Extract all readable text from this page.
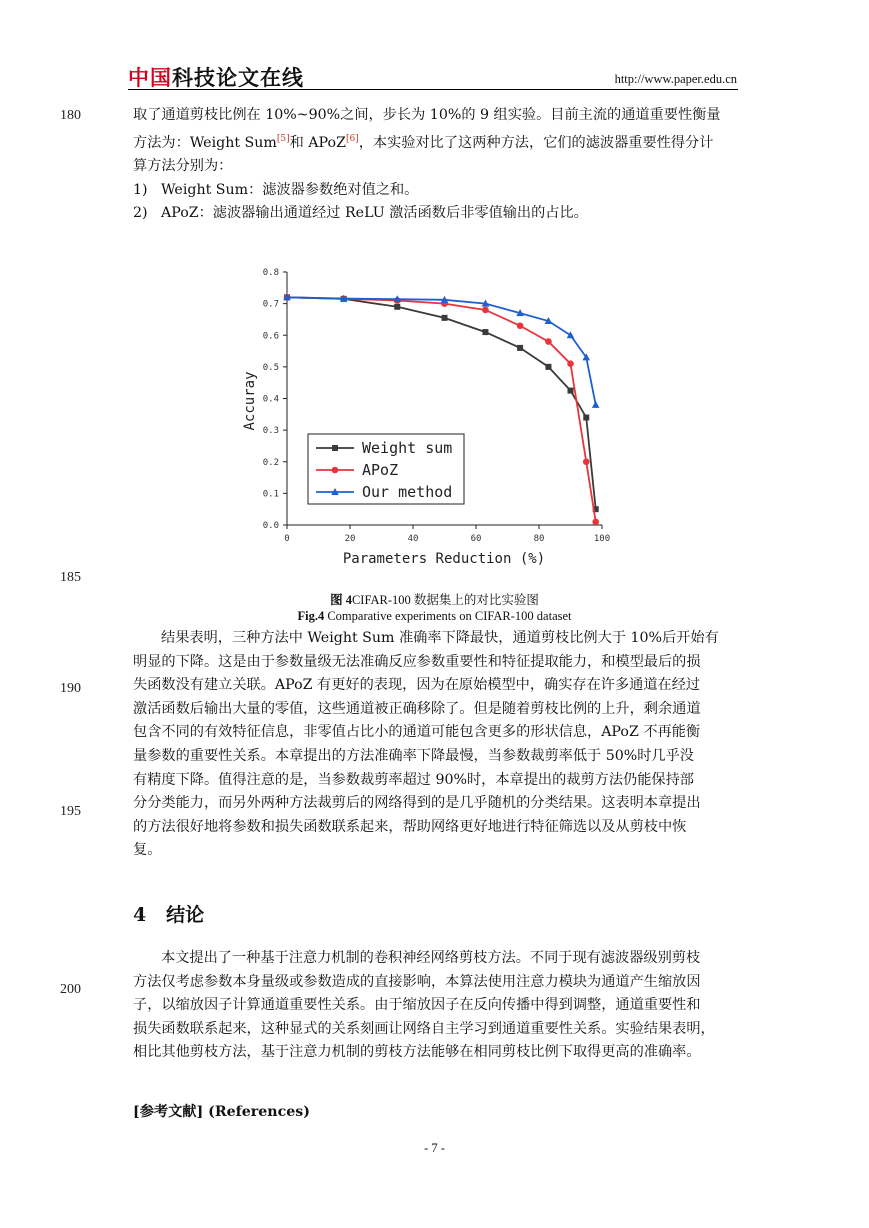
中国科技论文在线	http://www.paper.edu.cn
180
185
190
195
200

取了通道剪枝比例在 10%~90%之间，步长为 10%的 9 组实验。目前主流的通道重要性衡量

方法为：Weight Sum[5]和 APoZ[6]，本实验对比了这两种方法，它们的滤波器重要性得分计

算方法分别为：

1) Weight Sum：滤波器参数绝对值之和。

2) APoZ：滤波器输出通道经过 ReLU 激活函数后非零值输出的占比。

0.0
0.1
0.2
0.3
0.4
0.5
0.6
0.7
0.8
0	20	40	60	80	100
Weight sum
APoZ
Our method
Accuray
Parameters Reduction (%)
图 4CIFAR-100 数据集上的对比实验图
Fig.4 Comparative experiments on CIFAR-100 dataset

结果表明，三种方法中 Weight Sum 准确率下降最快，通道剪枝比例大于 10%后开始有

明显的下降。这是由于参数量级无法准确反应参数重要性和特征提取能力，和模型最后的损

失函数没有建立关联。APoZ 有更好的表现，因为在原始模型中，确实存在许多通道在经过

激活函数后输出大量的零值，这些通道被正确移除了。但是随着剪枝比例的上升，剩余通道

包含不同的有效特征信息，非零值占比小的通道可能包含更多的形状信息，APoZ 不再能衡

量参数的重要性关系。本章提出的方法准确率下降最慢，当参数裁剪率低于 50%时几乎没

有精度下降。值得注意的是，当参数裁剪率超过 90%时，本章提出的裁剪方法仍能保持部

分分类能力，而另外两种方法裁剪后的网络得到的是几乎随机的分类结果。这表明本章提出

的方法很好地将参数和损失函数联系起来，帮助网络更好地进行特征筛选以及从剪枝中恢

复。

4 结论

本文提出了一种基于注意力机制的卷积神经网络剪枝方法。不同于现有滤波器级别剪枝

方法仅考虑参数本身量级或参数造成的直接影响，本算法使用注意力模块为通道产生缩放因

子，以缩放因子计算通道重要性关系。由于缩放因子在反向传播中得到调整，通道重要性和

损失函数联系起来，这种显式的关系刻画让网络自主学习到通道重要性关系。实验结果表明，

相比其他剪枝方法，基于注意力机制的剪枝方法能够在相同剪枝比例下取得更高的准确率。

[参考文献] (References)
- 7 -
